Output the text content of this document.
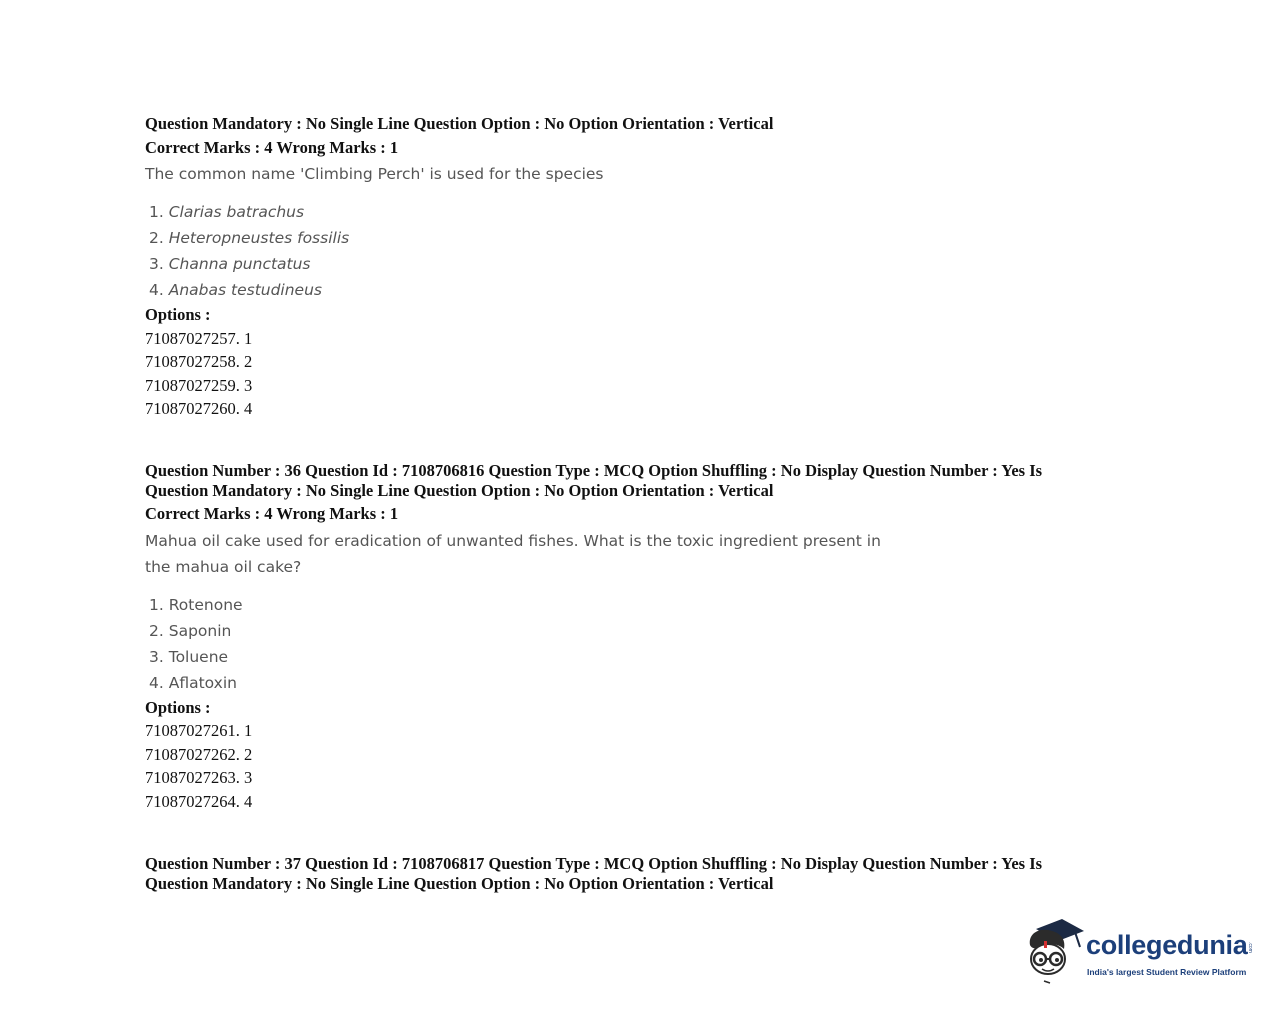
Question Mandatory : No Single Line Question Option : No Option Orientation : Vertical

Correct Marks : 4 Wrong Marks : 1

The common name 'Climbing Perch' is used for the species

1. Clarias batrachus
2. Heteropneustes fossilis
3. Channa punctatus
4. Anabas testudineus

Options :

71087027257. 1

71087027258. 2

71087027259. 3

71087027260. 4

Question Number : 36 Question Id : 7108706816 Question Type : MCQ Option Shuffling : No Display Question Number : Yes Is

Question Mandatory : No Single Line Question Option : No Option Orientation : Vertical

Correct Marks : 4 Wrong Marks : 1

Mahua oil cake used for eradication of unwanted fishes. What is the toxic ingredient present in
the mahua oil cake?

1. Rotenone
2. Saponin
3. Toluene
4. Aflatoxin

Options :

71087027261. 1

71087027262. 2

71087027263. 3

71087027264. 4

Question Number : 37 Question Id : 7108706817 Question Type : MCQ Option Shuffling : No Display Question Number : Yes Is

Question Mandatory : No Single Line Question Option : No Option Orientation : Vertical

collegedunia .com
India's largest Student Review Platform
